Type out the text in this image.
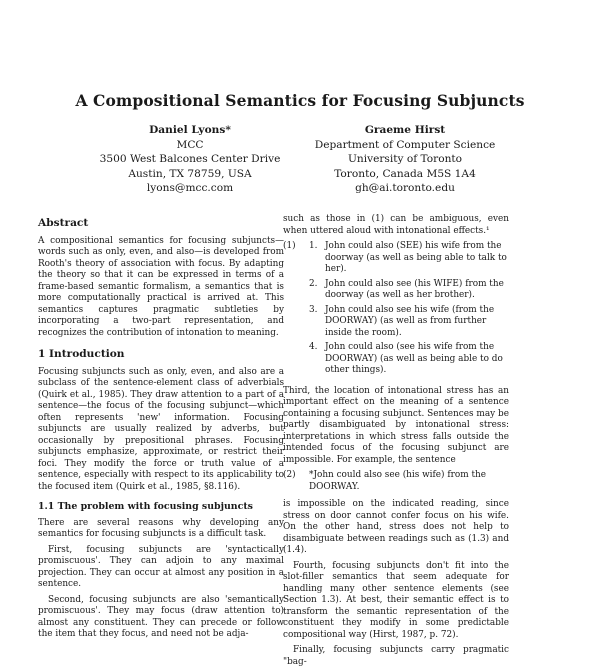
A Compositional Semantics for Focusing Subjuncts
Daniel Lyons*
MCC
3500 West Balcones Center Drive
Austin, TX 78759, USA
lyons@mcc.com
Graeme Hirst
Department of Computer Science
University of Toronto
Toronto, Canada M5S 1A4
gh@ai.toronto.edu
Abstract

A compositional semantics for focusing subjuncts—words such as only, even, and also—is developed from Rooth's theory of association with focus. By adapting the theory so that it can be expressed in terms of a frame-based semantic formalism, a semantics that is more computationally practical is arrived at. This semantics captures pragmatic subtleties by incorporating a two-part representation, and recognizes the contribution of intonation to meaning.

1 Introduction

Focusing subjuncts such as only, even, and also are a subclass of the sentence-element class of adverbials (Quirk et al., 1985). They draw attention to a part of a sentence—the focus of the focusing subjunct—which often represents 'new' information. Focusing subjuncts are usually realized by adverbs, but occasionally by prepositional phrases. Focusing subjuncts emphasize, approximate, or restrict their foci. They modify the force or truth value of a sentence, especially with respect to its applicability to the focused item (Quirk et al., 1985, §8.116).

1.1 The problem with focusing subjuncts

There are several reasons why developing any semantics for focusing subjuncts is a difficult task.

First, focusing subjuncts are 'syntactically promiscuous'. They can adjoin to any maximal projection. They can occur at almost any position in a sentence.

Second, focusing subjuncts are also 'semantically promiscuous'. They may focus (draw attention to) almost any constituent. They can precede or follow the item that they focus, and need not be adja-

such as those in (1) can be ambiguous, even when uttered aloud with intonational effects.¹

(1)	1. John could also (SEE) his wife from the doorway (as well as being able to talk to her).
2. John could also see (his WIFE) from the doorway (as well as her brother).
3. John could also see his wife (from the DOORWAY) (as well as from further inside the room).
4. John could also (see his wife from the DOORWAY) (as well as being able to do other things).

Third, the location of intonational stress has an important effect on the meaning of a sentence containing a focusing subjunct. Sentences may be partly disambiguated by intonational stress: interpretations in which stress falls outside the intended focus of the focusing subjunct are impossible. For example, the sentence

(2)	*John could also see (his wife) from the DOORWAY.

is impossible on the indicated reading, since stress on door cannot confer focus on his wife. On the other hand, stress does not help to disambiguate between readings such as (1.3) and (1.4).

Fourth, focusing subjuncts don't fit into the slot-filler semantics that seem adequate for handling many other sentence elements (see Section 1.3). At best, their semantic effect is to transform the semantic representation of the constituent they modify in some predictable compositional way (Hirst, 1987, p. 72).

Finally, focusing subjuncts carry pragmatic "bag-
